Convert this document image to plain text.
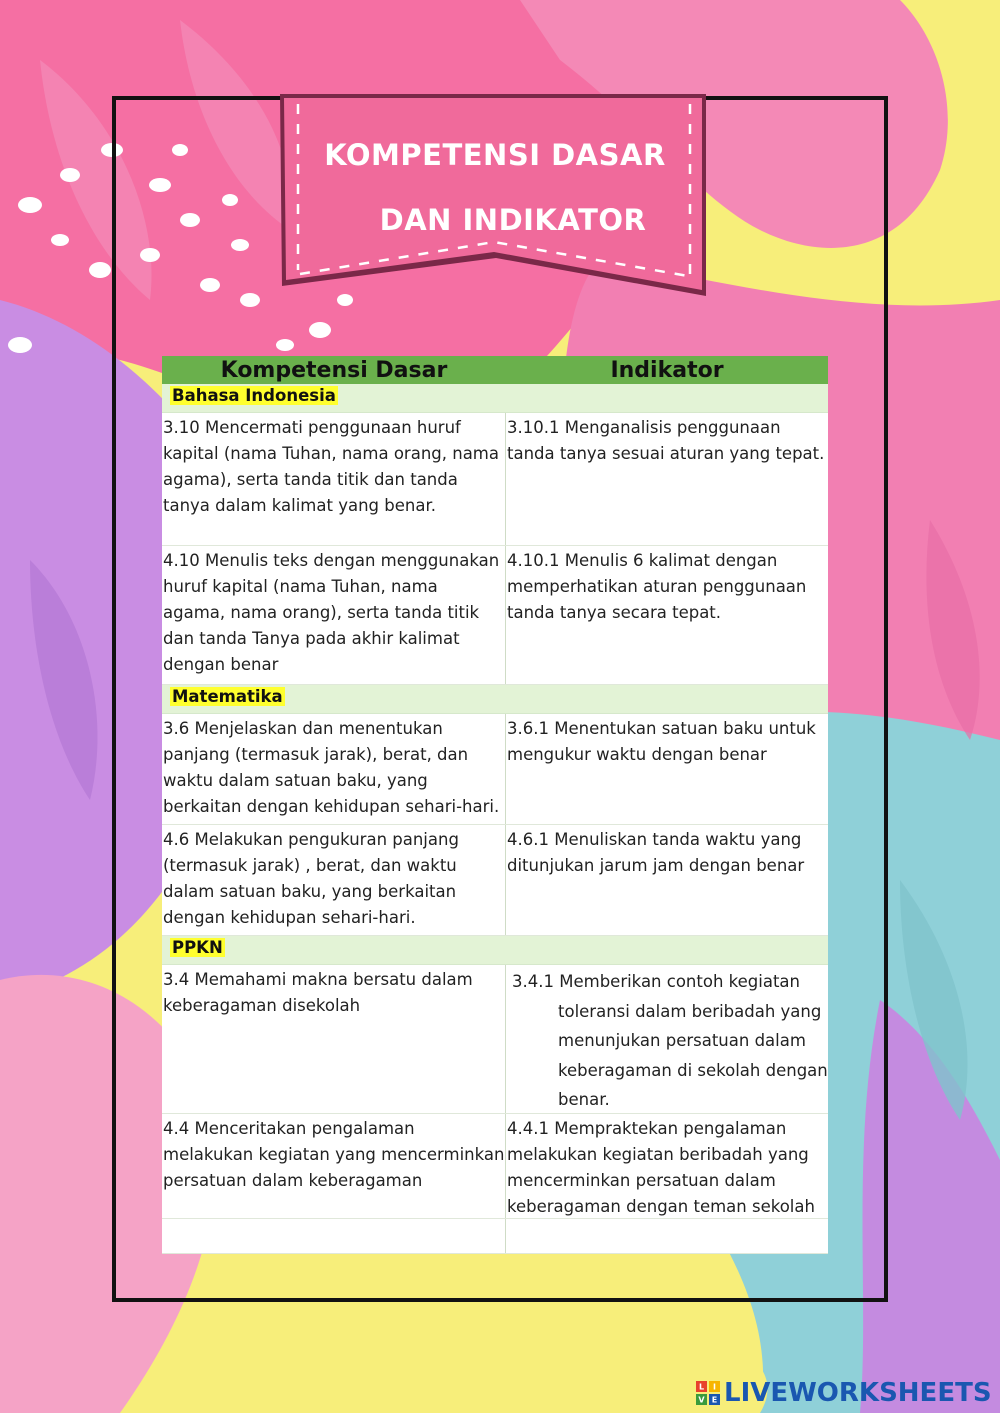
KOMPETENSI DASAR
DAN INDIKATOR
Kompetensi Dasar	Indikator
Bahasa Indonesia
3.10 Mencermati penggunaan huruf kapital (nama Tuhan, nama orang, nama agama), serta tanda titik dan tanda tanya dalam kalimat yang benar.
3.10.1 Menganalisis penggunaan tanda tanya sesuai aturan yang tepat.
4.10 Menulis teks dengan menggunakan huruf kapital (nama Tuhan, nama agama, nama orang), serta tanda titik dan tanda Tanya pada akhir kalimat dengan benar
4.10.1 Menulis 6 kalimat dengan memperhatikan aturan penggunaan tanda tanya secara tepat.
Matematika
3.6 Menjelaskan dan menentukan panjang (termasuk jarak), berat, dan waktu dalam satuan baku, yang berkaitan dengan kehidupan sehari-hari.
3.6.1 Menentukan satuan baku untuk mengukur waktu dengan benar
4.6 Melakukan pengukuran panjang (termasuk jarak) , berat, dan waktu dalam satuan baku, yang berkaitan dengan kehidupan sehari-hari.
4.6.1 Menuliskan tanda waktu yang ditunjukan jarum jam dengan benar
PPKN
3.4 Memahami makna bersatu dalam keberagaman disekolah
3.4.1 Memberikan contoh kegiatan toleransi dalam beribadah yang menunjukan persatuan dalam keberagaman di sekolah dengan benar.
4.4 Menceritakan pengalaman melakukan kegiatan yang mencerminkan persatuan dalam keberagaman
4.4.1 Mempraktekan pengalaman melakukan kegiatan beribadah yang mencerminkan persatuan dalam keberagaman dengan teman sekolah
L I
V E LIVEWORKSHEETS
